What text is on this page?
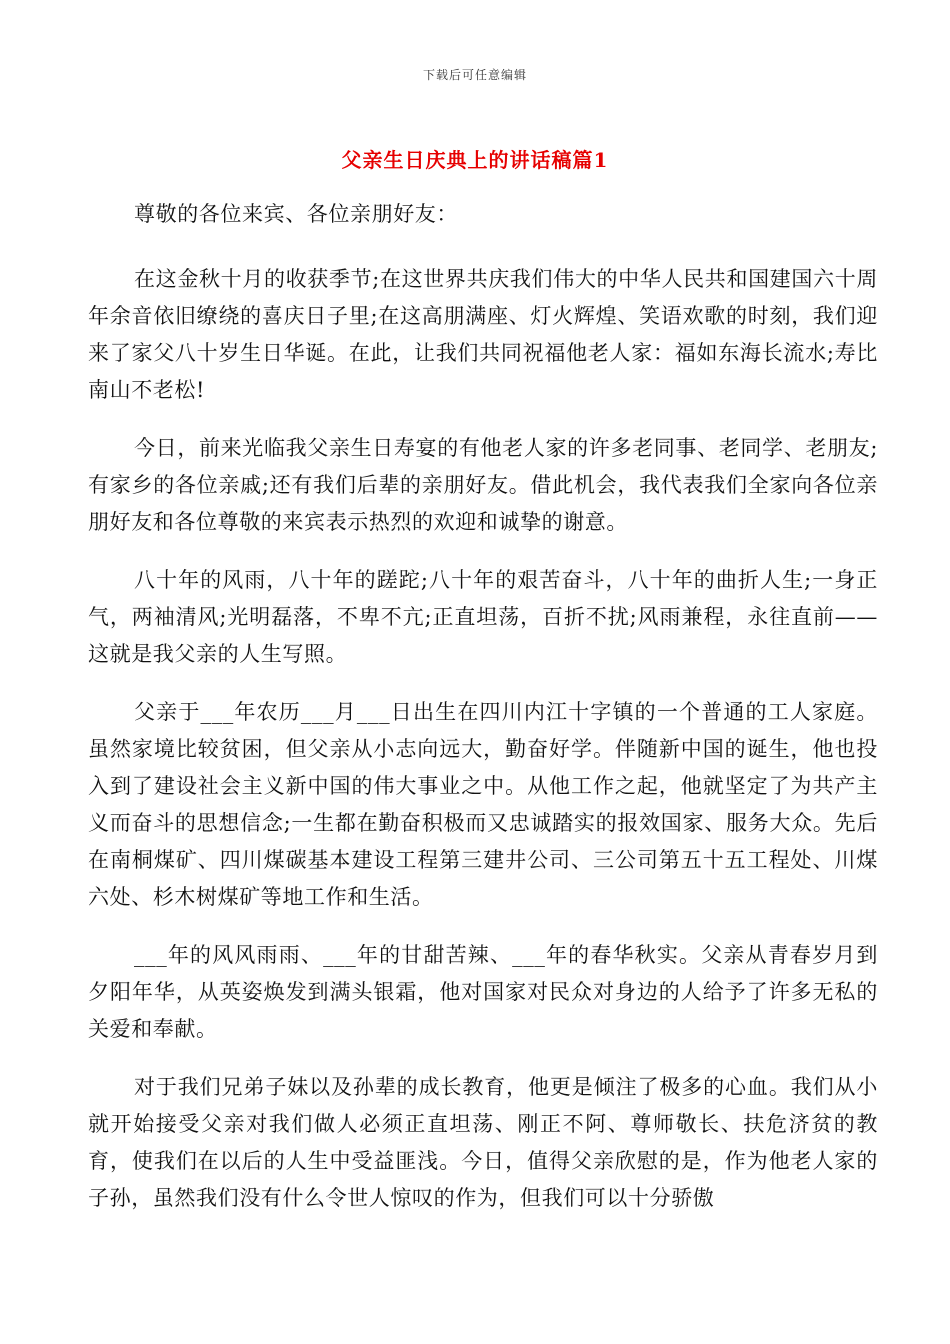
下载后可任意编辑
父亲生日庆典上的讲话稿篇1

尊敬的各位来宾、各位亲朋好友：

在这金秋十月的收获季节;在这世界共庆我们伟大的中华人民共和国建国六十周年余音依旧缭绕的喜庆日子里;在这高朋满座、灯火辉煌、笑语欢歌的时刻，我们迎来了家父八十岁生日华诞。在此，让我们共同祝福他老人家：福如东海长流水;寿比南山不老松!

今日，前来光临我父亲生日寿宴的有他老人家的许多老同事、老同学、老朋友;有家乡的各位亲戚;还有我们后辈的亲朋好友。借此机会，我代表我们全家向各位亲朋好友和各位尊敬的来宾表示热烈的欢迎和诚挚的谢意。

八十年的风雨，八十年的蹉跎;八十年的艰苦奋斗，八十年的曲折人生;一身正气，两袖清风;光明磊落，不卑不亢;正直坦荡，百折不扰;风雨兼程，永往直前——这就是我父亲的人生写照。

父亲于___年农历___月___日出生在四川内江十字镇的一个普通的工人家庭。虽然家境比较贫困，但父亲从小志向远大，勤奋好学。伴随新中国的诞生，他也投入到了建设社会主义新中国的伟大事业之中。从他工作之起，他就坚定了为共产主义而奋斗的思想信念;一生都在勤奋积极而又忠诚踏实的报效国家、服务大众。先后在南桐煤矿、四川煤碳基本建设工程第三建井公司、三公司第五十五工程处、川煤六处、杉木树煤矿等地工作和生活。

___年的风风雨雨、___年的甘甜苦辣、___年的春华秋实。父亲从青春岁月到夕阳年华，从英姿焕发到满头银霜，他对国家对民众对身边的人给予了许多无私的关爱和奉献。

对于我们兄弟子妹以及孙辈的成长教育，他更是倾注了极多的心血。我们从小就开始接受父亲对我们做人必须正直坦荡、刚正不阿、尊师敬长、扶危济贫的教育，使我们在以后的人生中受益匪浅。今日，值得父亲欣慰的是，作为他老人家的子孙，虽然我们没有什么令世人惊叹的作为，但我们可以十分骄傲
